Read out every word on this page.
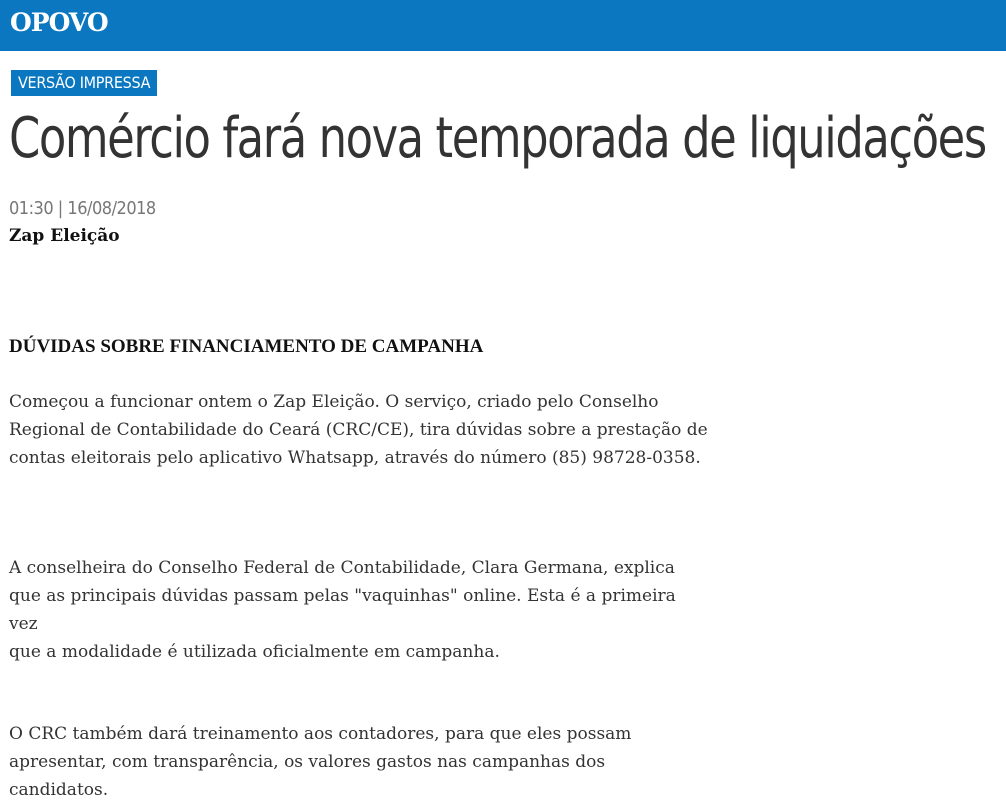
OPOVO
VERSÃO IMPRESSA
Comércio fará nova temporada de liquidações
01:30 | 16/08/2018
Zap Eleição
DÚVIDAS SOBRE FINANCIAMENTO DE CAMPANHA
Começou a funcionar ontem o Zap Eleição. O serviço, criado pelo Conselho
Regional de Contabilidade do Ceará (CRC/CE), tira dúvidas sobre a prestação de
contas eleitorais pelo aplicativo Whatsapp, através do número (85) 98728-0358.
A conselheira do Conselho Federal de Contabilidade, Clara Germana, explica
que as principais dúvidas passam pelas "vaquinhas" online. Esta é a primeira vez
que a modalidade é utilizada oficialmente em campanha.
O CRC também dará treinamento aos contadores, para que eles possam
apresentar, com transparência, os valores gastos nas campanhas dos candidatos.
